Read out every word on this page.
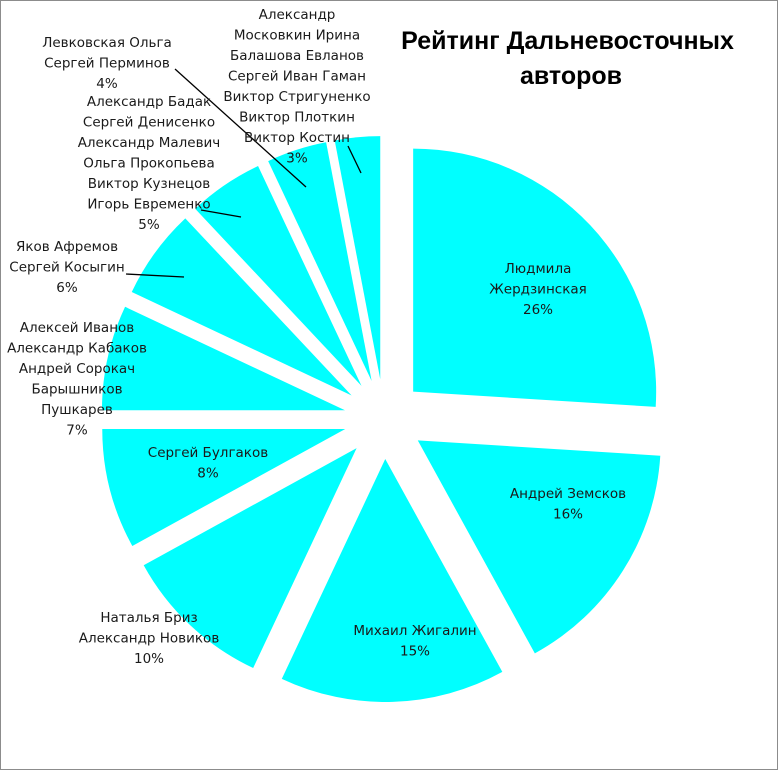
Рейтинг Дальневосточных авторов
Людмила Жердзинская 26%
Андрей Земсков 16%
Михаил Жигалин 15%
Наталья Бриз Александр Новиков 10%
Сергей Булгаков 8%
Алексей Иванов Александр Кабаков Андрей Сорокач Барышников Пушкарев 7%
Яков Афремов Сергей Косыгин 6%
Александр Бадак Сергей Денисенко Александр Малевич Ольга Прокопьева Виктор Кузнецов Игорь Евременко 5%
Левковская Ольга Сергей Перминов 4%
Александр Московкин Ирина Балашова Евланов Сергей Иван Гаман Виктор Стригуненко Виктор Плоткин Виктор Костин 3%
